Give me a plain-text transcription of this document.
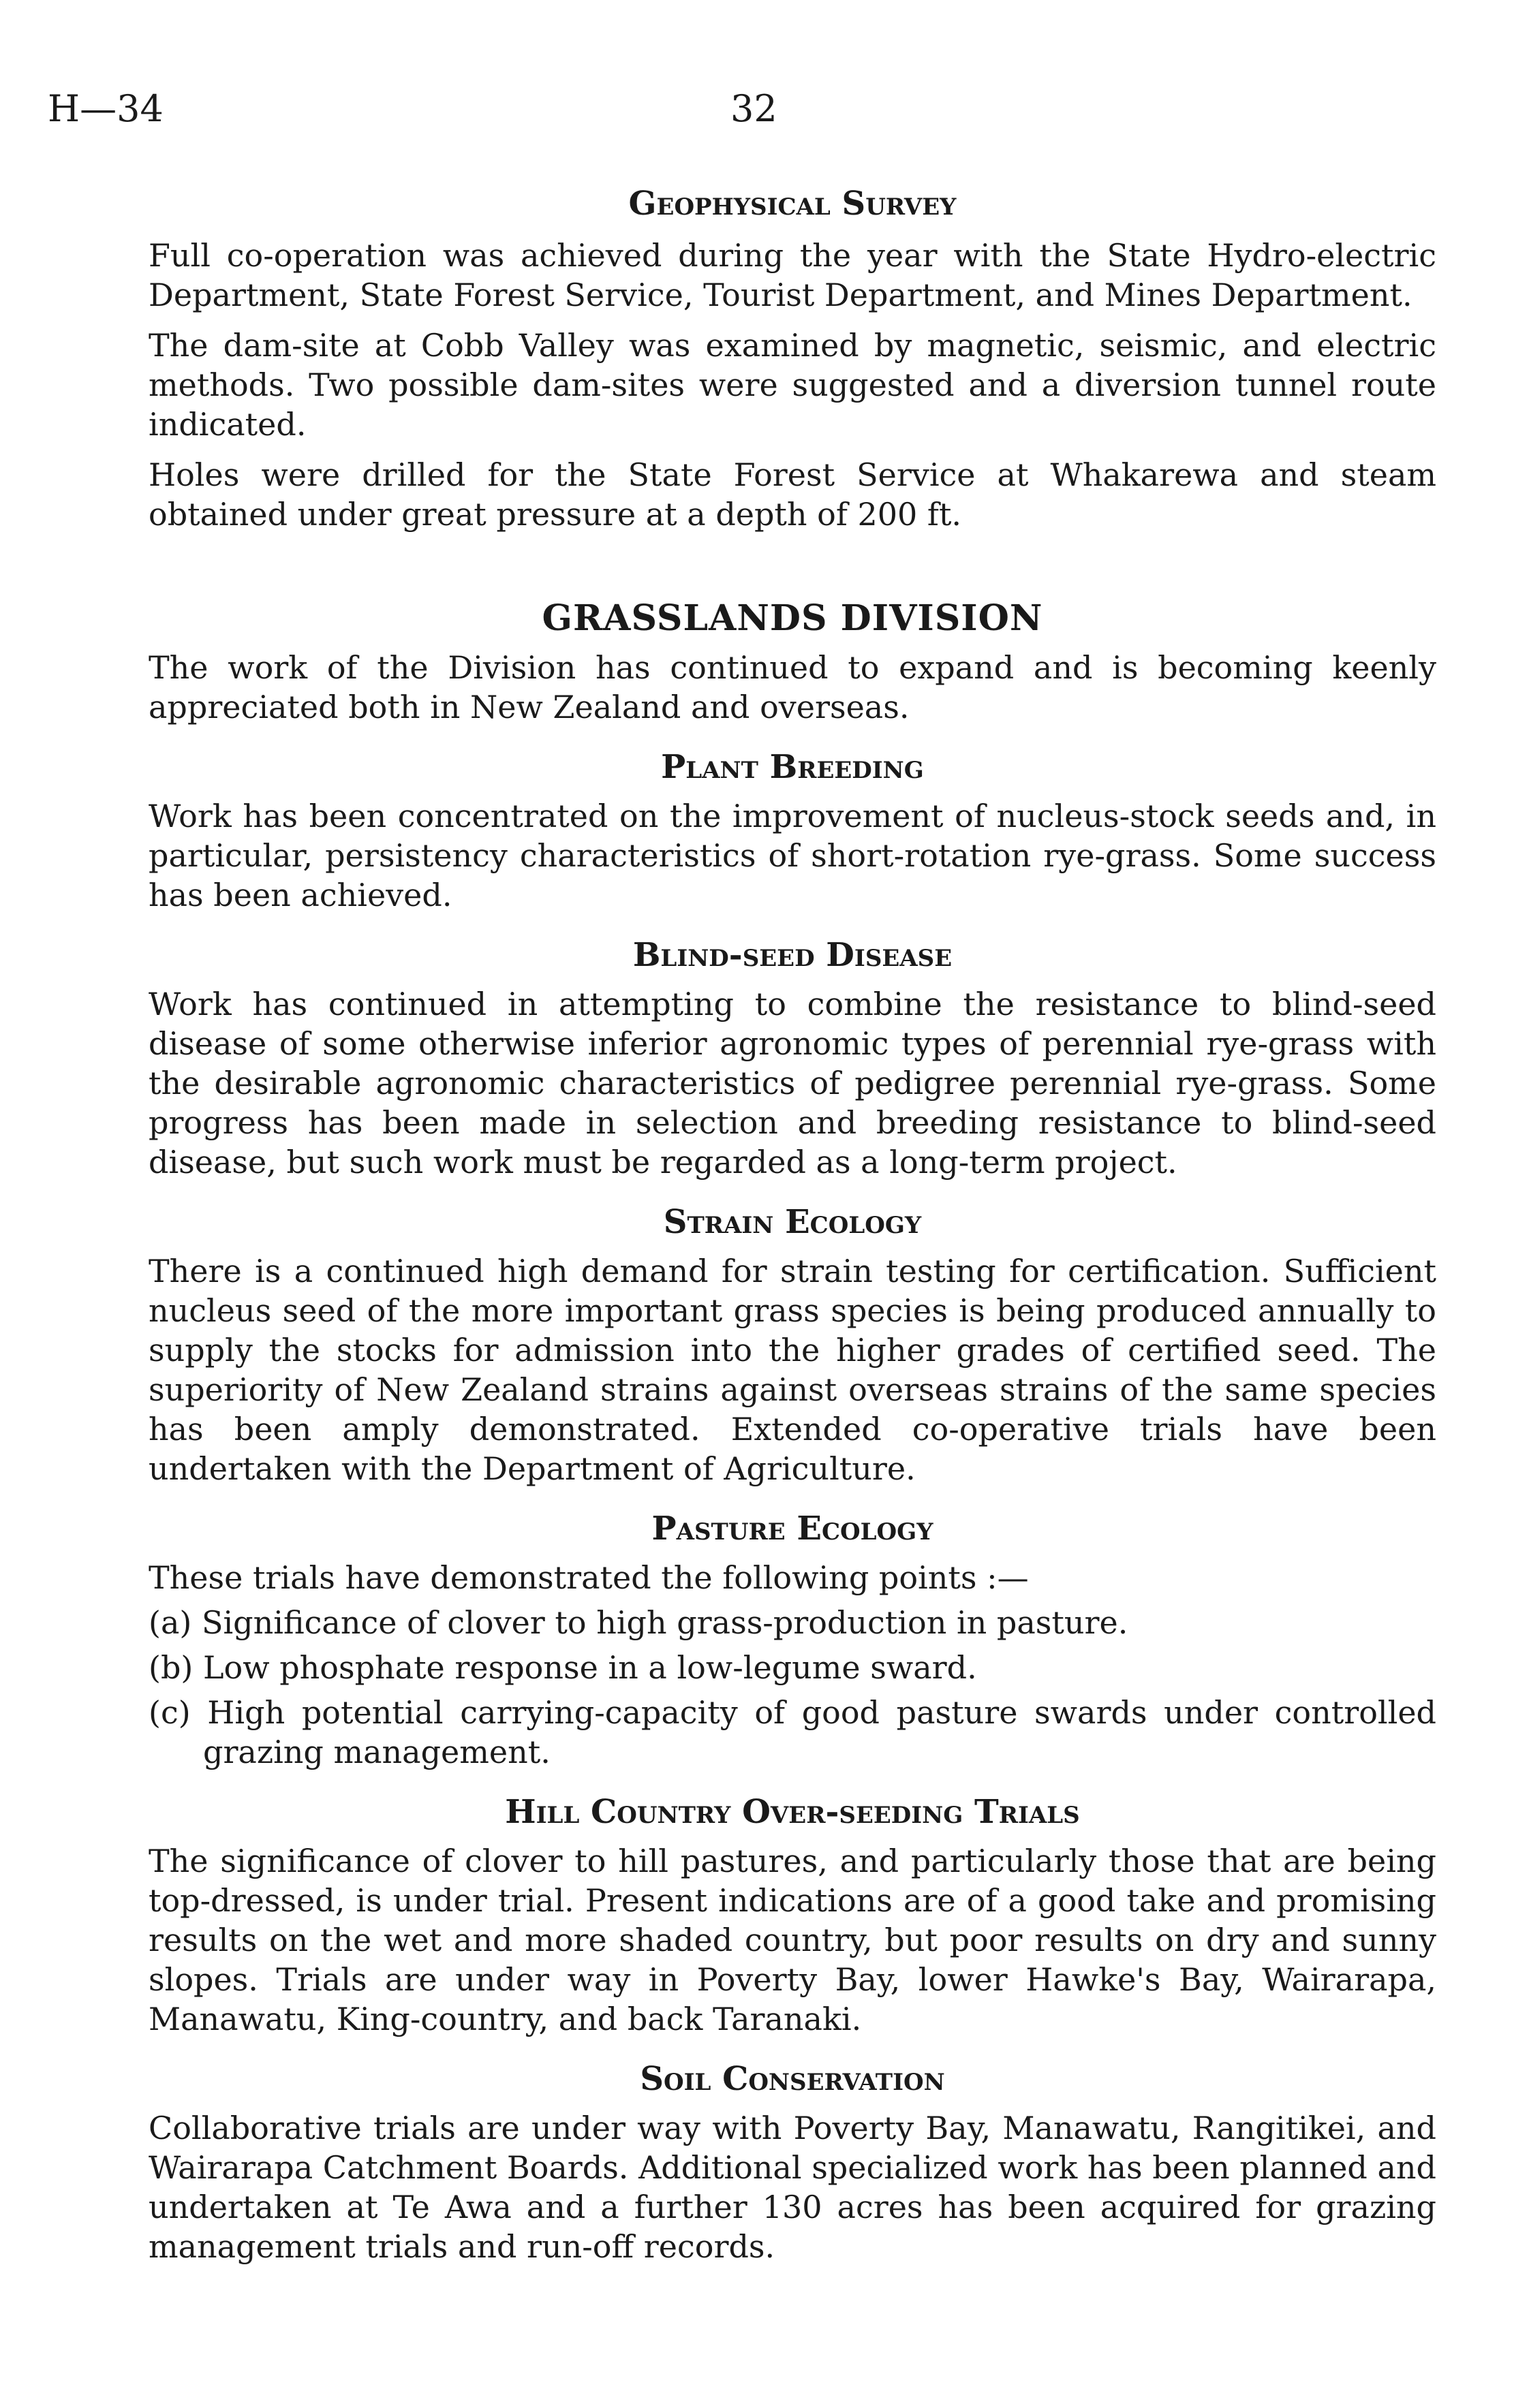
H—34	32
Geophysical Survey

Full co-operation was achieved during the year with the State Hydro-electric Department, State Forest Service, Tourist Department, and Mines Department.

The dam-site at Cobb Valley was examined by magnetic, seismic, and electric methods. Two possible dam-sites were suggested and a diversion tunnel route indicated.

Holes were drilled for the State Forest Service at Whakarewa and steam obtained under great pressure at a depth of 200 ft.

GRASSLANDS DIVISION

The work of the Division has continued to expand and is becoming keenly appreciated both in New Zealand and overseas.

Plant Breeding

Work has been concentrated on the improvement of nucleus-stock seeds and, in particular, persistency characteristics of short-rotation rye-grass. Some success has been achieved.

Blind-seed Disease

Work has continued in attempting to combine the resistance to blind-seed disease of some otherwise inferior agronomic types of perennial rye-grass with the desirable agronomic characteristics of pedigree perennial rye-grass. Some progress has been made in selection and breeding resistance to blind-seed disease, but such work must be regarded as a long-term project.

Strain Ecology

There is a continued high demand for strain testing for certification. Sufficient nucleus seed of the more important grass species is being produced annually to supply the stocks for admission into the higher grades of certified seed. The superiority of New Zealand strains against overseas strains of the same species has been amply demonstrated. Extended co-operative trials have been undertaken with the Department of Agriculture.

Pasture Ecology

These trials have demonstrated the following points :—

(a) Significance of clover to high grass-production in pasture.
(b) Low phosphate response in a low-legume sward.
(c) High potential carrying-capacity of good pasture swards under controlled grazing management.
Hill Country Over-seeding Trials

The significance of clover to hill pastures, and particularly those that are being top-dressed, is under trial. Present indications are of a good take and promising results on the wet and more shaded country, but poor results on dry and sunny slopes. Trials are under way in Poverty Bay, lower Hawke's Bay, Wairarapa, Manawatu, King-country, and back Taranaki.

Soil Conservation

Collaborative trials are under way with Poverty Bay, Manawatu, Rangitikei, and Wairarapa Catchment Boards. Additional specialized work has been planned and undertaken at Te Awa and a further 130 acres has been acquired for grazing management trials and run-off records.
